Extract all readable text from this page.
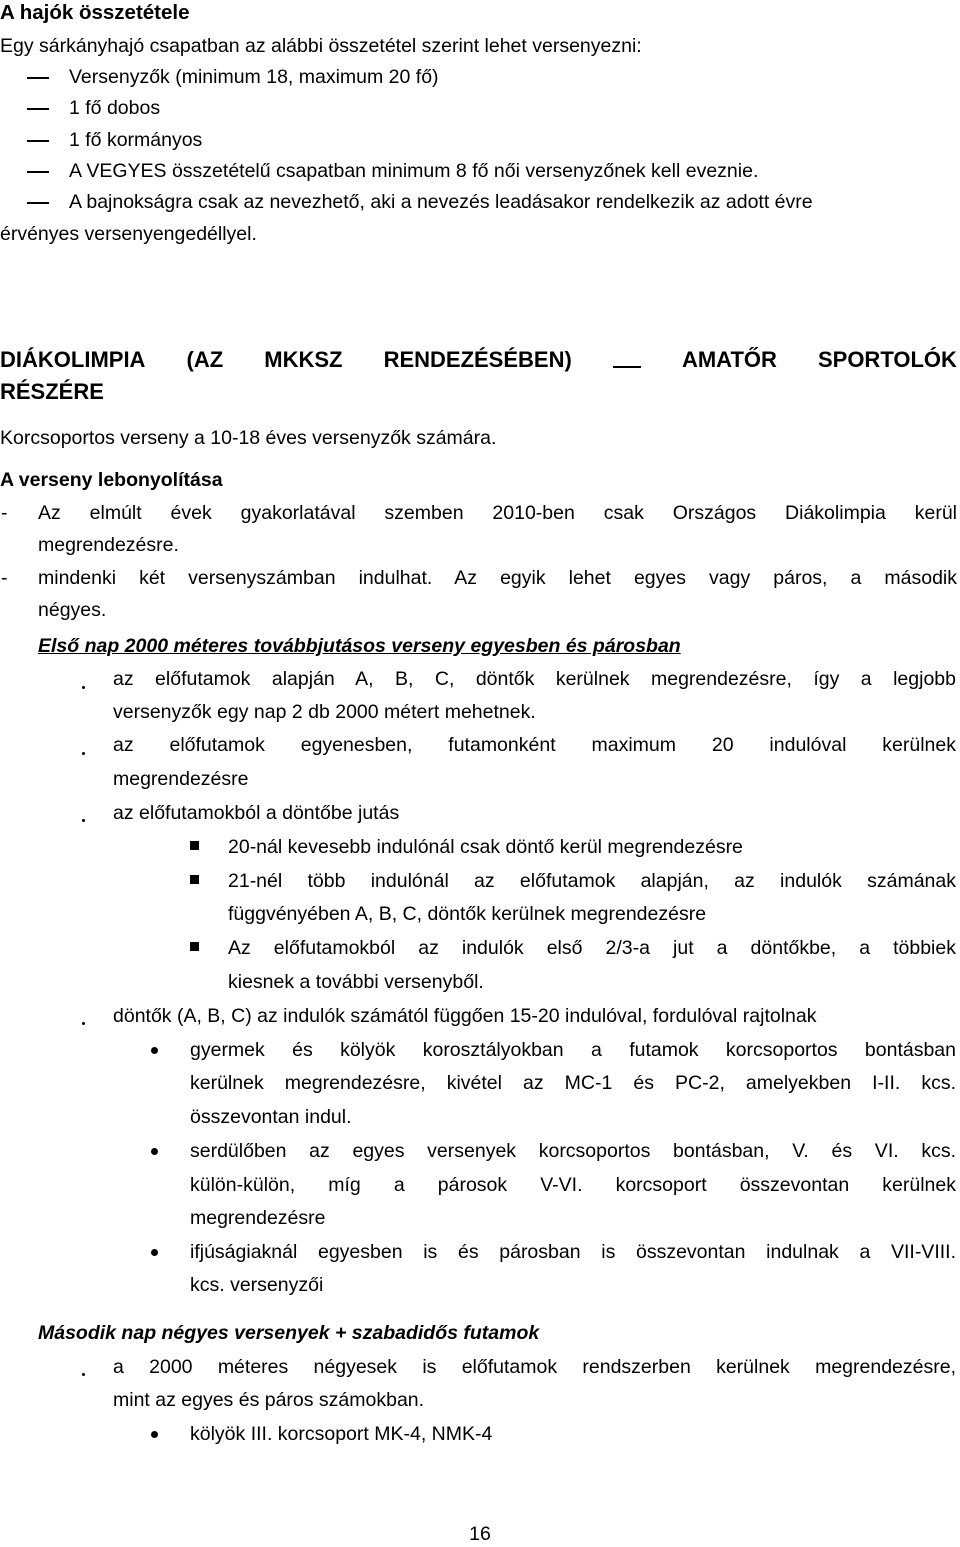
A hajók összetétele
Egy sárkányhajó csapatban az alábbi összetétel szerint lehet versenyezni:
Versenyzők (minimum 18, maximum 20 fő)
1 fő dobos
1 fő kormányos
A VEGYES összetételű csapatban minimum 8 fő női versenyzőnek kell eveznie.
A bajnokságra csak az nevezhető, aki a nevezés leadásakor rendelkezik az adott évre
érvényes versenyengedéllyel.
DIÁKOLIMPIA (AZ MKKSZ RENDEZÉSÉBEN)	AMATŐR SPORTOLÓK
RÉSZÉRE
Korcsoportos verseny a 10-18 éves versenyzők számára.
A verseny lebonyolítása
- Az elmúlt évek gyakorlatával szemben 2010-ben csak Országos Diákolimpia kerül
megrendezésre.
- mindenki két versenyszámban indulhat. Az egyik lehet egyes vagy páros, a második
négyes.
Első nap 2000 méteres továbbjutásos verseny egyesben és párosban
az előfutamok alapján A, B, C, döntők kerülnek megrendezésre, így a legjobb
versenyzők egy nap 2 db 2000 métert mehetnek.
az előfutamok egyenesben, futamonként maximum 20 indulóval kerülnek
megrendezésre
az előfutamokból a döntőbe jutás
20-nál kevesebb indulónál csak döntő kerül megrendezésre
21-nél több indulónál az előfutamok alapján, az indulók számának
függvényében A, B, C, döntők kerülnek megrendezésre
Az előfutamokból az indulók első 2/3-a jut a döntőkbe, a többiek
kiesnek a további versenyből.
döntők (A, B, C) az indulók számától függően 15-20 indulóval, fordulóval rajtolnak
gyermek és kölyök korosztályokban a futamok korcsoportos bontásban
kerülnek megrendezésre, kivétel az MC-1 és PC-2, amelyekben I-II. kcs.
összevontan indul.
serdülőben az egyes versenyek korcsoportos bontásban, V. és VI. kcs.
külön-külön, míg a párosok V-VI. korcsoport összevontan kerülnek
megrendezésre
ifjúságiaknál egyesben is és párosban is összevontan indulnak a VII-VIII.
kcs. versenyzői
Második nap négyes versenyek + szabadidős futamok
a 2000 méteres négyesek is előfutamok rendszerben kerülnek megrendezésre,
mint az egyes és páros számokban.
kölyök III. korcsoport MK-4, NMK-4
16
